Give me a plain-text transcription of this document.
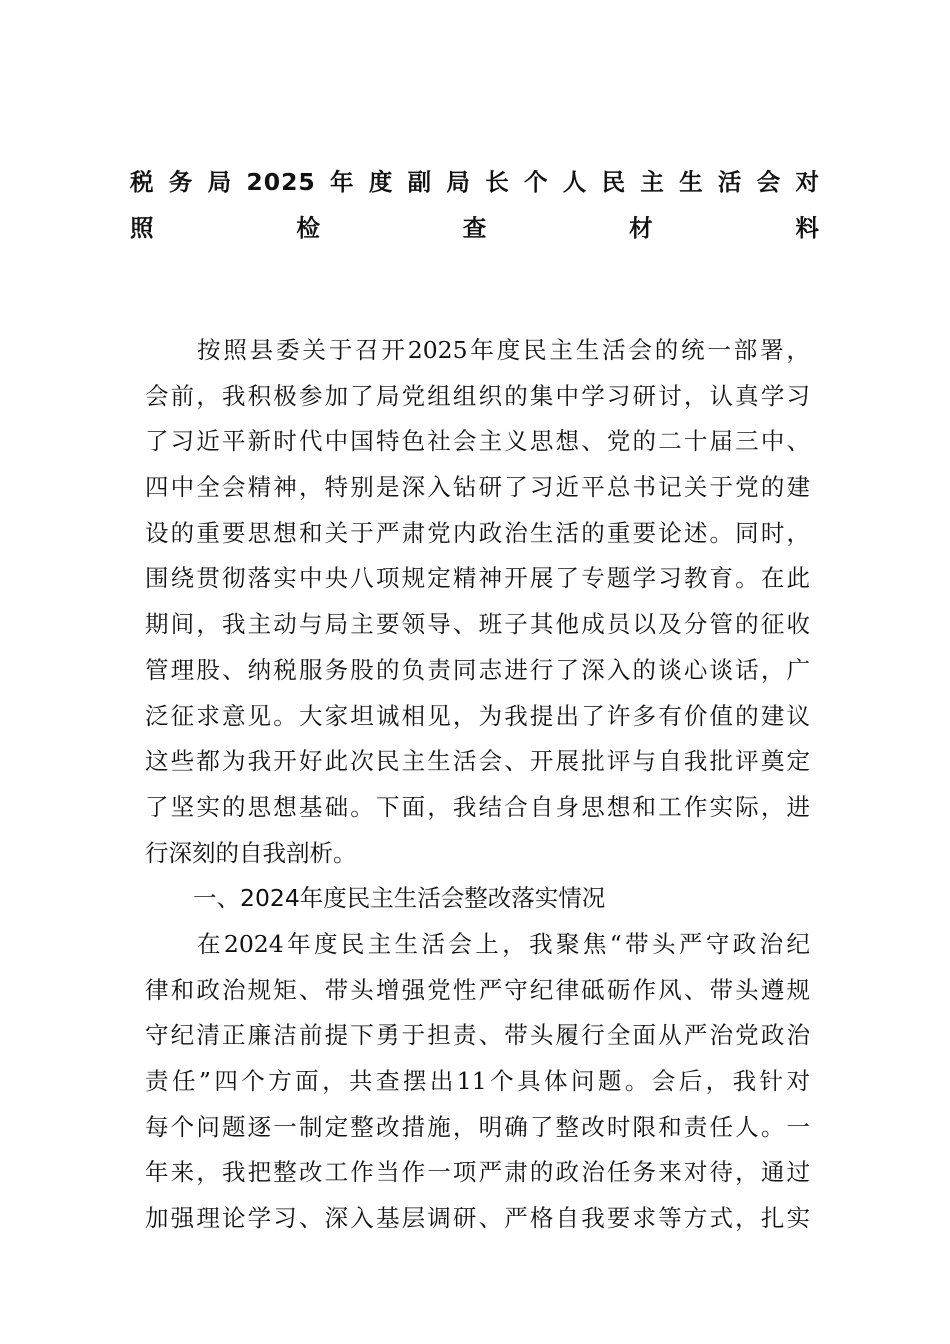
税务局2025年度副局长个人民主生活会对
照检查材料
按照县委关于召开2025年度民主生活会的统一部署，
会前，我积极参加了局党组组织的集中学习研讨，认真学习
了习近平新时代中国特色社会主义思想、党的二十届三中、
四中全会精神，特别是深入钻研了习近平总书记关于党的建
设的重要思想和关于严肃党内政治生活的重要论述。同时，
围绕贯彻落实中央八项规定精神开展了专题学习教育。在此
期间，我主动与局主要领导、班子其他成员以及分管的征收
管理股、纳税服务股的负责同志进行了深入的谈心谈话，广
泛征求意见。大家坦诚相见，为我提出了许多有价值的建议
这些都为我开好此次民主生活会、开展批评与自我批评奠定
了坚实的思想基础。下面，我结合自身思想和工作实际，进
行深刻的自我剖析。
一、2024年度民主生活会整改落实情况
在2024年度民主生活会上，我聚焦“带头严守政治纪
律和政治规矩、带头增强党性严守纪律砥砺作风、带头遵规
守纪清正廉洁前提下勇于担责、带头履行全面从严治党政治
责任”四个方面，共查摆出11个具体问题。会后，我针对
每个问题逐一制定整改措施，明确了整改时限和责任人。一
年来，我把整改工作当作一项严肃的政治任务来对待，通过
加强理论学习、深入基层调研、严格自我要求等方式，扎实
